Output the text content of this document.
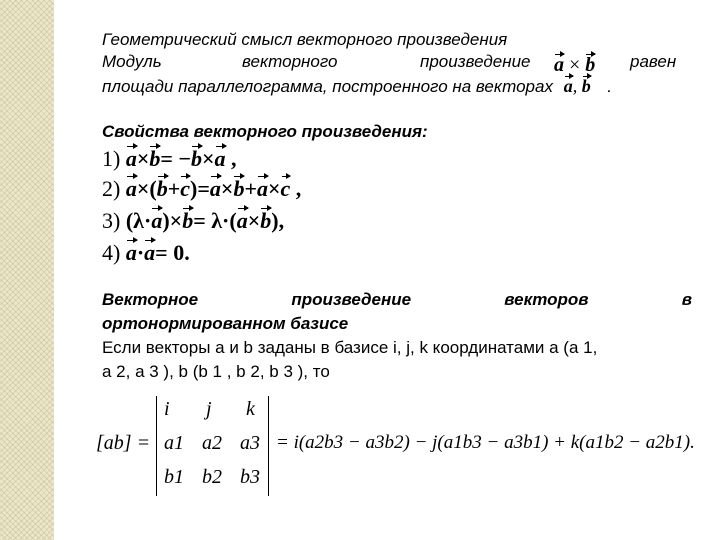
Геометрический смысл векторного произведения
Модуль	векторного	произведение a × b равен
площади параллелограмма, построенного на векторах a, b .
Свойства векторного произведения:
1) a×b= −b×a ,
2) a×(b+c)=a×b+a×c ,
3) (λ·a)×b= λ·(a×b),
4) a·a= 0.
Векторное	произведение	векторов	в
ортонормированном базисе
Если векторы a и b заданы в базисе i, j, k координатами a (a 1,
a 2, a 3 ), b (b 1 , b 2, b 3 ), то
[ab] =
i j k
a1 a2 a3
b1 b2 b3
= i(a2b3 − a3b2) − j(a1b3 − a3b1) + k(a1b2 − a2b1).
